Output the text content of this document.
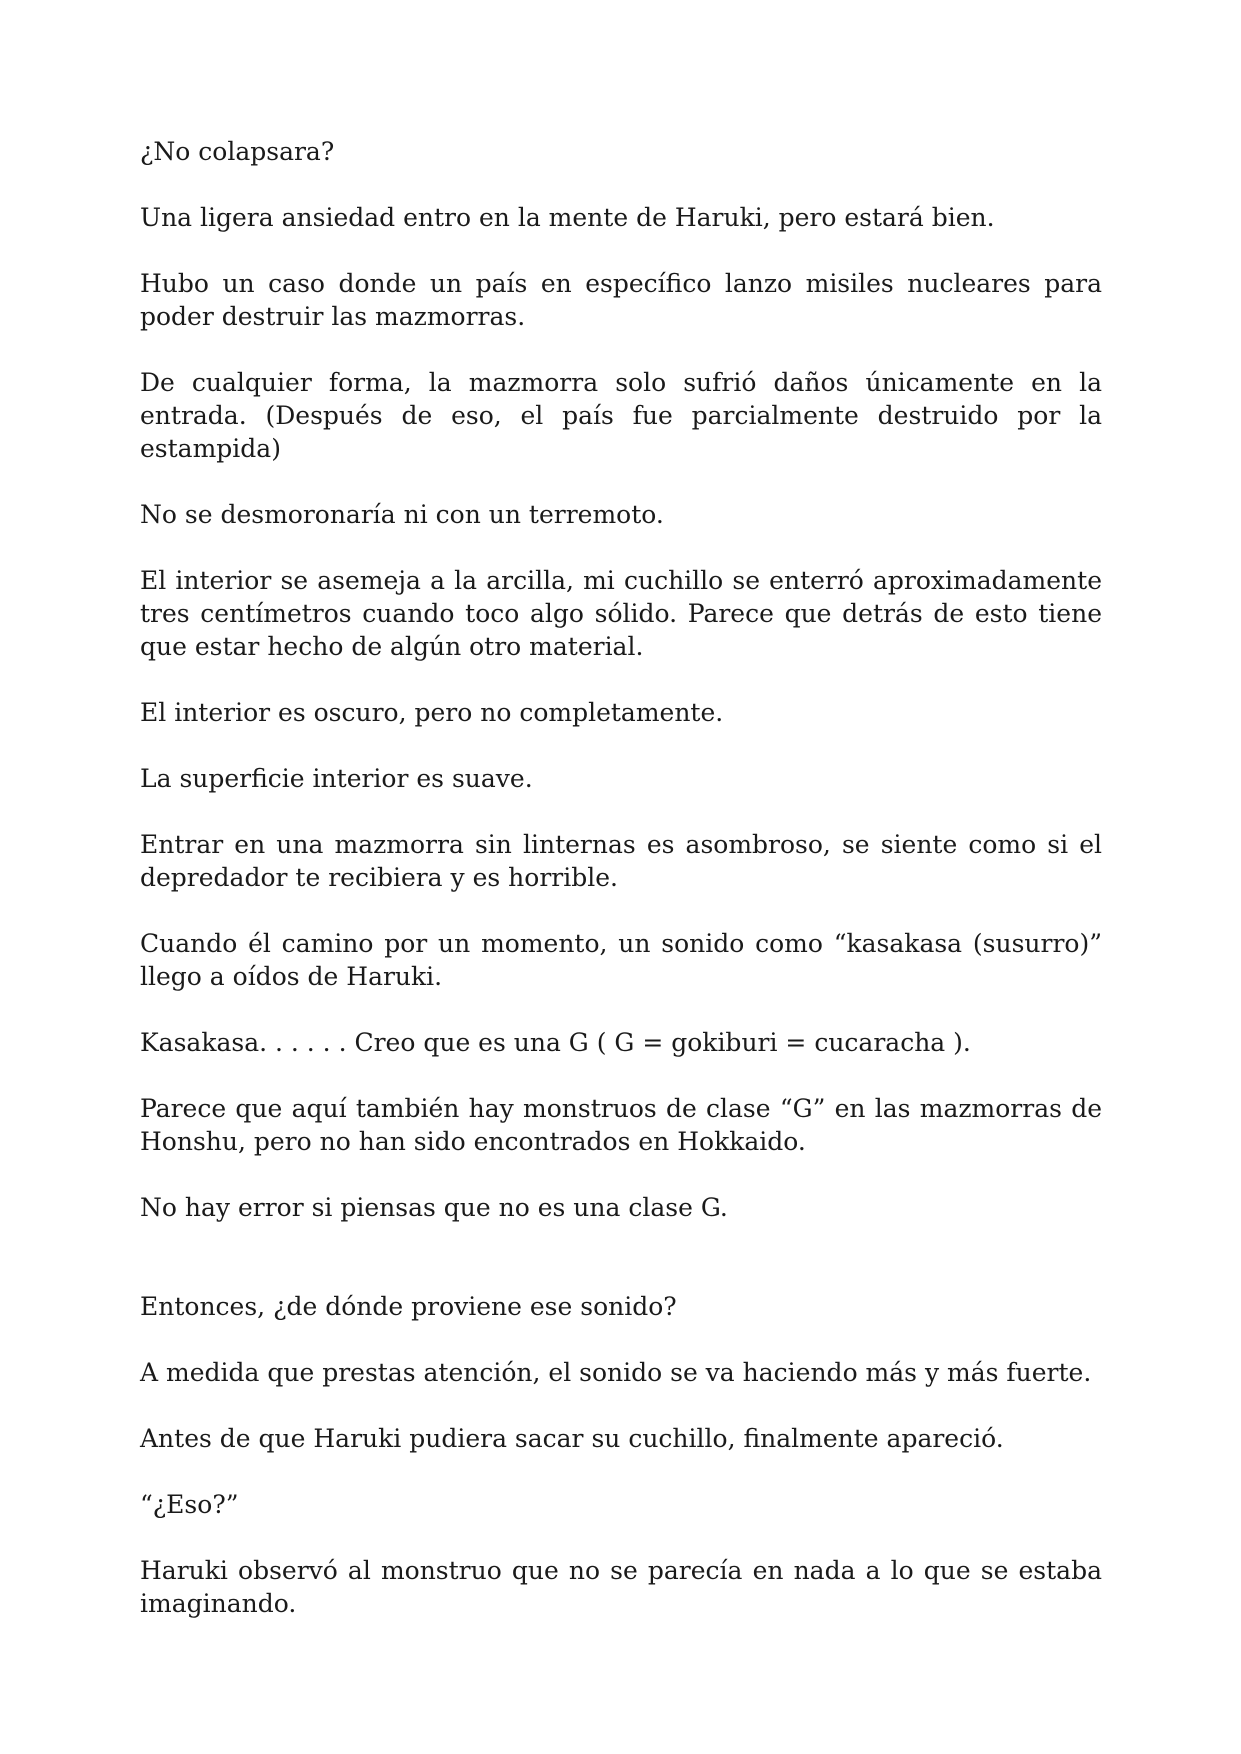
¿No colapsara?

Una ligera ansiedad entro en la mente de Haruki, pero estará bien.

Hubo un caso donde un país en específico lanzo misiles nucleares para poder destruir las mazmorras.

De cualquier forma, la mazmorra solo sufrió daños únicamente en la entrada. (Después de eso, el país fue parcialmente destruido por la estampida)

No se desmoronaría ni con un terremoto.

El interior se asemeja a la arcilla, mi cuchillo se enterró aproximadamente tres centímetros cuando toco algo sólido. Parece que detrás de esto tiene que estar hecho de algún otro material.

El interior es oscuro, pero no completamente.

La superficie interior es suave.

Entrar en una mazmorra sin linternas es asombroso, se siente como si el depredador te recibiera y es horrible.

Cuando él camino por un momento, un sonido como “kasakasa (susurro)” llego a oídos de Haruki.

Kasakasa. . . . . . Creo que es una G ( G = gokiburi = cucaracha ).

Parece que aquí también hay monstruos de clase “G” en las mazmorras de Honshu, pero no han sido encontrados en Hokkaido.

No hay error si piensas que no es una clase G.

Entonces, ¿de dónde proviene ese sonido?

A medida que prestas atención, el sonido se va haciendo más y más fuerte.

Antes de que Haruki pudiera sacar su cuchillo, finalmente apareció.

“¿Eso?”

Haruki observó al monstruo que no se parecía en nada a lo que se estaba imaginando.
